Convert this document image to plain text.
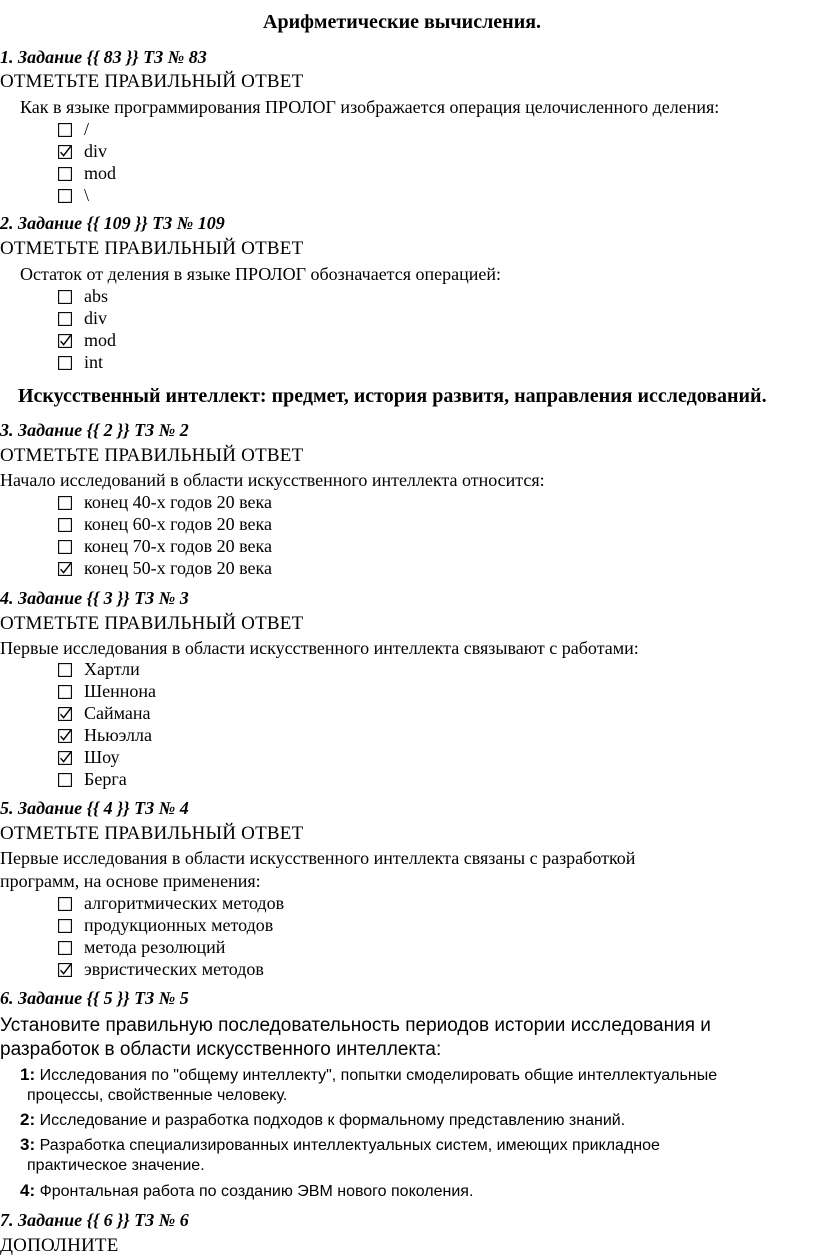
Арифметические вычисления.
1. Задание {{ 83 }} ТЗ № 83
ОТМЕТЬТЕ ПРАВИЛЬНЫЙ ОТВЕТ
Как в языке программирования ПРОЛОГ изображается операция целочисленного деления:
/
div
mod
\
2. Задание {{ 109 }} ТЗ № 109
ОТМЕТЬТЕ ПРАВИЛЬНЫЙ ОТВЕТ
Остаток от деления в языке ПРОЛОГ обозначается операцией:
abs
div
mod
int
Искусственный интеллект: предмет, история развитя, направления исследований.
3. Задание {{ 2 }} ТЗ № 2
ОТМЕТЬТЕ ПРАВИЛЬНЫЙ ОТВЕТ
Начало исследований в области искусственного интеллекта относится:
конец 40-х годов 20 века
конец 60-х годов 20 века
конец 70-х годов 20 века
конец 50-х годов 20 века
4. Задание {{ 3 }} ТЗ № 3
ОТМЕТЬТЕ ПРАВИЛЬНЫЙ ОТВЕТ
Первые исследования в области искусственного интеллекта связывают с работами:
Хартли
Шеннона
Саймана
Ньюэлла
Шоу
Берга
5. Задание {{ 4 }} ТЗ № 4
ОТМЕТЬТЕ ПРАВИЛЬНЫЙ ОТВЕТ
Первые исследования в области искусственного интеллекта связаны с разработкой
программ, на основе применения:
алгоритмических методов
продукционных методов
метода резолюций
эвристических методов
6. Задание {{ 5 }} ТЗ № 5
Установите правильную последовательность периодов истории исследования и
разработок в области искусственного интеллекта:
1: Исследования по "общему интеллекту", попытки смоделировать общие интеллектуальные
процессы, свойственные человеку.
2: Исследование и разработка подходов к формальному представлению знаний.
3: Разработка специализированных интеллектуальных систем, имеющих прикладное
практическое значение.
4: Фронтальная работа по созданию ЭВМ нового поколения.
7. Задание {{ 6 }} ТЗ № 6
ДОПОЛНИТЕ
